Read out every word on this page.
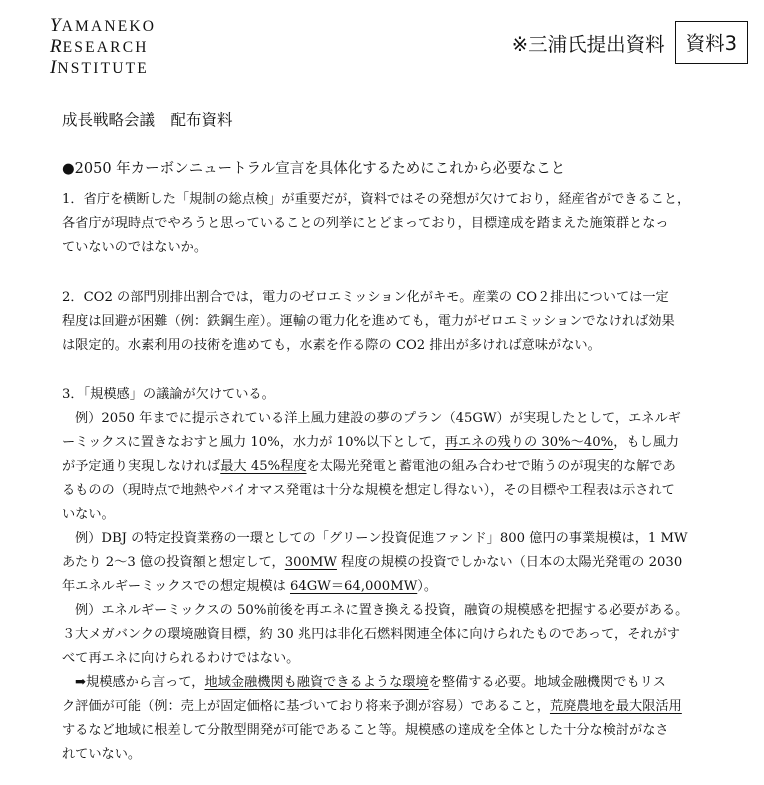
YAMANEKO
RESEARCH
INSTITUTE
※三浦氏提出資料	資料3
成長戦略会議　配布資料
●2050 年カーボンニュートラル宣言を具体化するためにこれから必要なこと
1．省庁を横断した「規制の総点検」が重要だが，資料ではその発想が欠けており，経産省ができること，
各省庁が現時点でやろうと思っていることの列挙にとどまっており，目標達成を踏まえた施策群となっ
ていないのではないか。
2．CO2 の部門別排出割合では，電力のゼロエミッション化がキモ。産業の CO２排出については一定
程度は回避が困難（例：鉄鋼生産）。運輸の電力化を進めても，電力がゼロエミッションでなければ効果
は限定的。水素利用の技術を進めても，水素を作る際の CO2 排出が多ければ意味がない。
3．「規模感」の議論が欠けている。
例）2050 年までに提示されている洋上風力建設の夢のプラン（45GW）が実現したとして，エネルギ
ーミックスに置きなおすと風力 10%，水力が 10%以下として，再エネの残りの 30%～40%，もし風力
が予定通り実現しなければ最大 45%程度を太陽光発電と蓄電池の組み合わせで賄うのが現実的な解であ
るものの（現時点で地熱やバイオマス発電は十分な規模を想定し得ない），その目標や工程表は示されて
いない。
例）DBJ の特定投資業務の一環としての「グリーン投資促進ファンド」800 億円の事業規模は，1 MW
あたり 2～3 億の投資額と想定して，300MW 程度の規模の投資でしかない（日本の太陽光発電の 2030
年エネルギーミックスでの想定規模は 64GW＝64,000MW）。
例）エネルギーミックスの 50%前後を再エネに置き換える投資，融資の規模感を把握する必要がある。
３大メガバンクの環境融資目標，約 30 兆円は非化石燃料関連全体に向けられたものであって，それがす
べて再エネに向けられるわけではない。
➡規模感から言って，地域金融機関も融資できるような環境を整備する必要。地域金融機関でもリス
ク評価が可能（例：売上が固定価格に基づいており将来予測が容易）であること，荒廃農地を最大限活用
するなど地域に根差して分散型開発が可能であること等。規模感の達成を全体とした十分な検討がなさ
れていない。
